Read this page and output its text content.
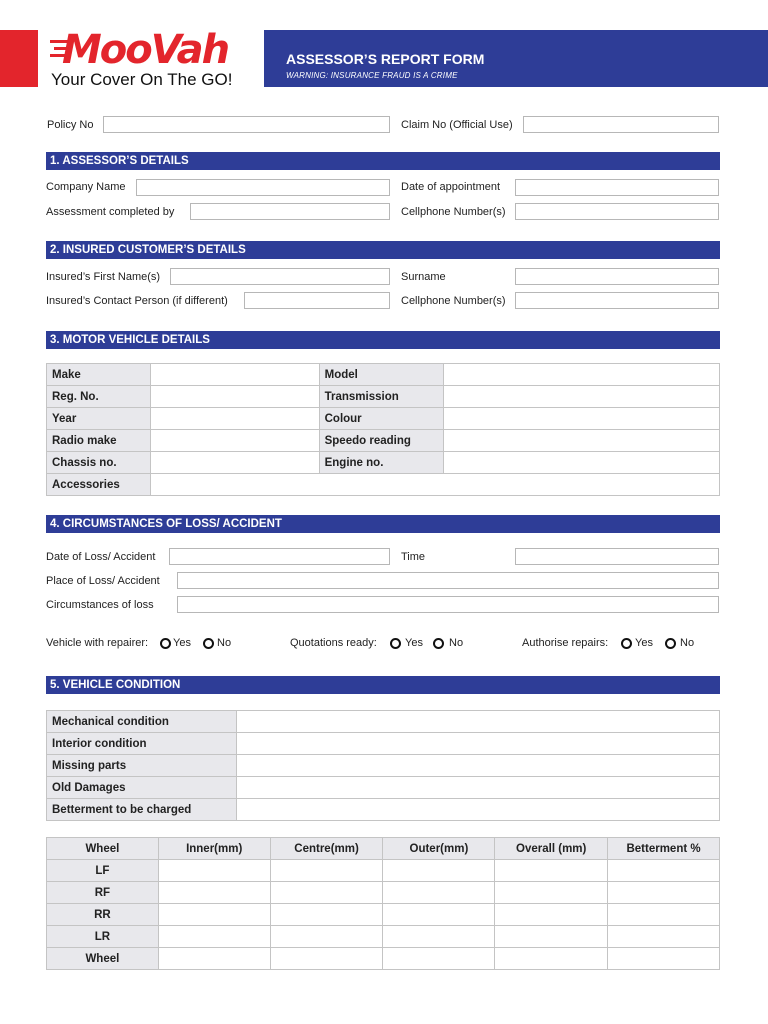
MooVah
Your Cover On The GO!
ASSESSOR’S REPORT FORM
WARNING: INSURANCE FRAUD IS A CRIME
Policy No	Claim No (Official Use)
1. ASSESSOR’S DETAILS
Company Name	Date of appointment
Assessment completed by	Cellphone Number(s)
2. INSURED CUSTOMER’S DETAILS
Insured’s First Name(s)	Surname
Insured’s Contact Person (if different)	Cellphone Number(s)
3. MOTOR VEHICLE DETAILS
Make		Model	
Reg. No.		Transmission	
Year		Colour	
Radio make		Speedo reading	
Chassis no.		Engine no.	
Accessories			
4. CIRCUMSTANCES OF LOSS/ ACCIDENT
Date of Loss/ Accident	Time
Place of Loss/ Accident
Circumstances of loss
Vehicle with repairer: Yes No	Quotations ready:	Yes No	Authorise repairs: Yes No
5. VEHICLE CONDITION
Mechanical condition	
Interior condition	
Missing parts	
Old Damages	
Betterment to be charged	
Wheel	Inner(mm)	Centre(mm)	Outer(mm)	Overall (mm)	Betterment %
LF					
RF					
RR					
LR					
Wheel					
